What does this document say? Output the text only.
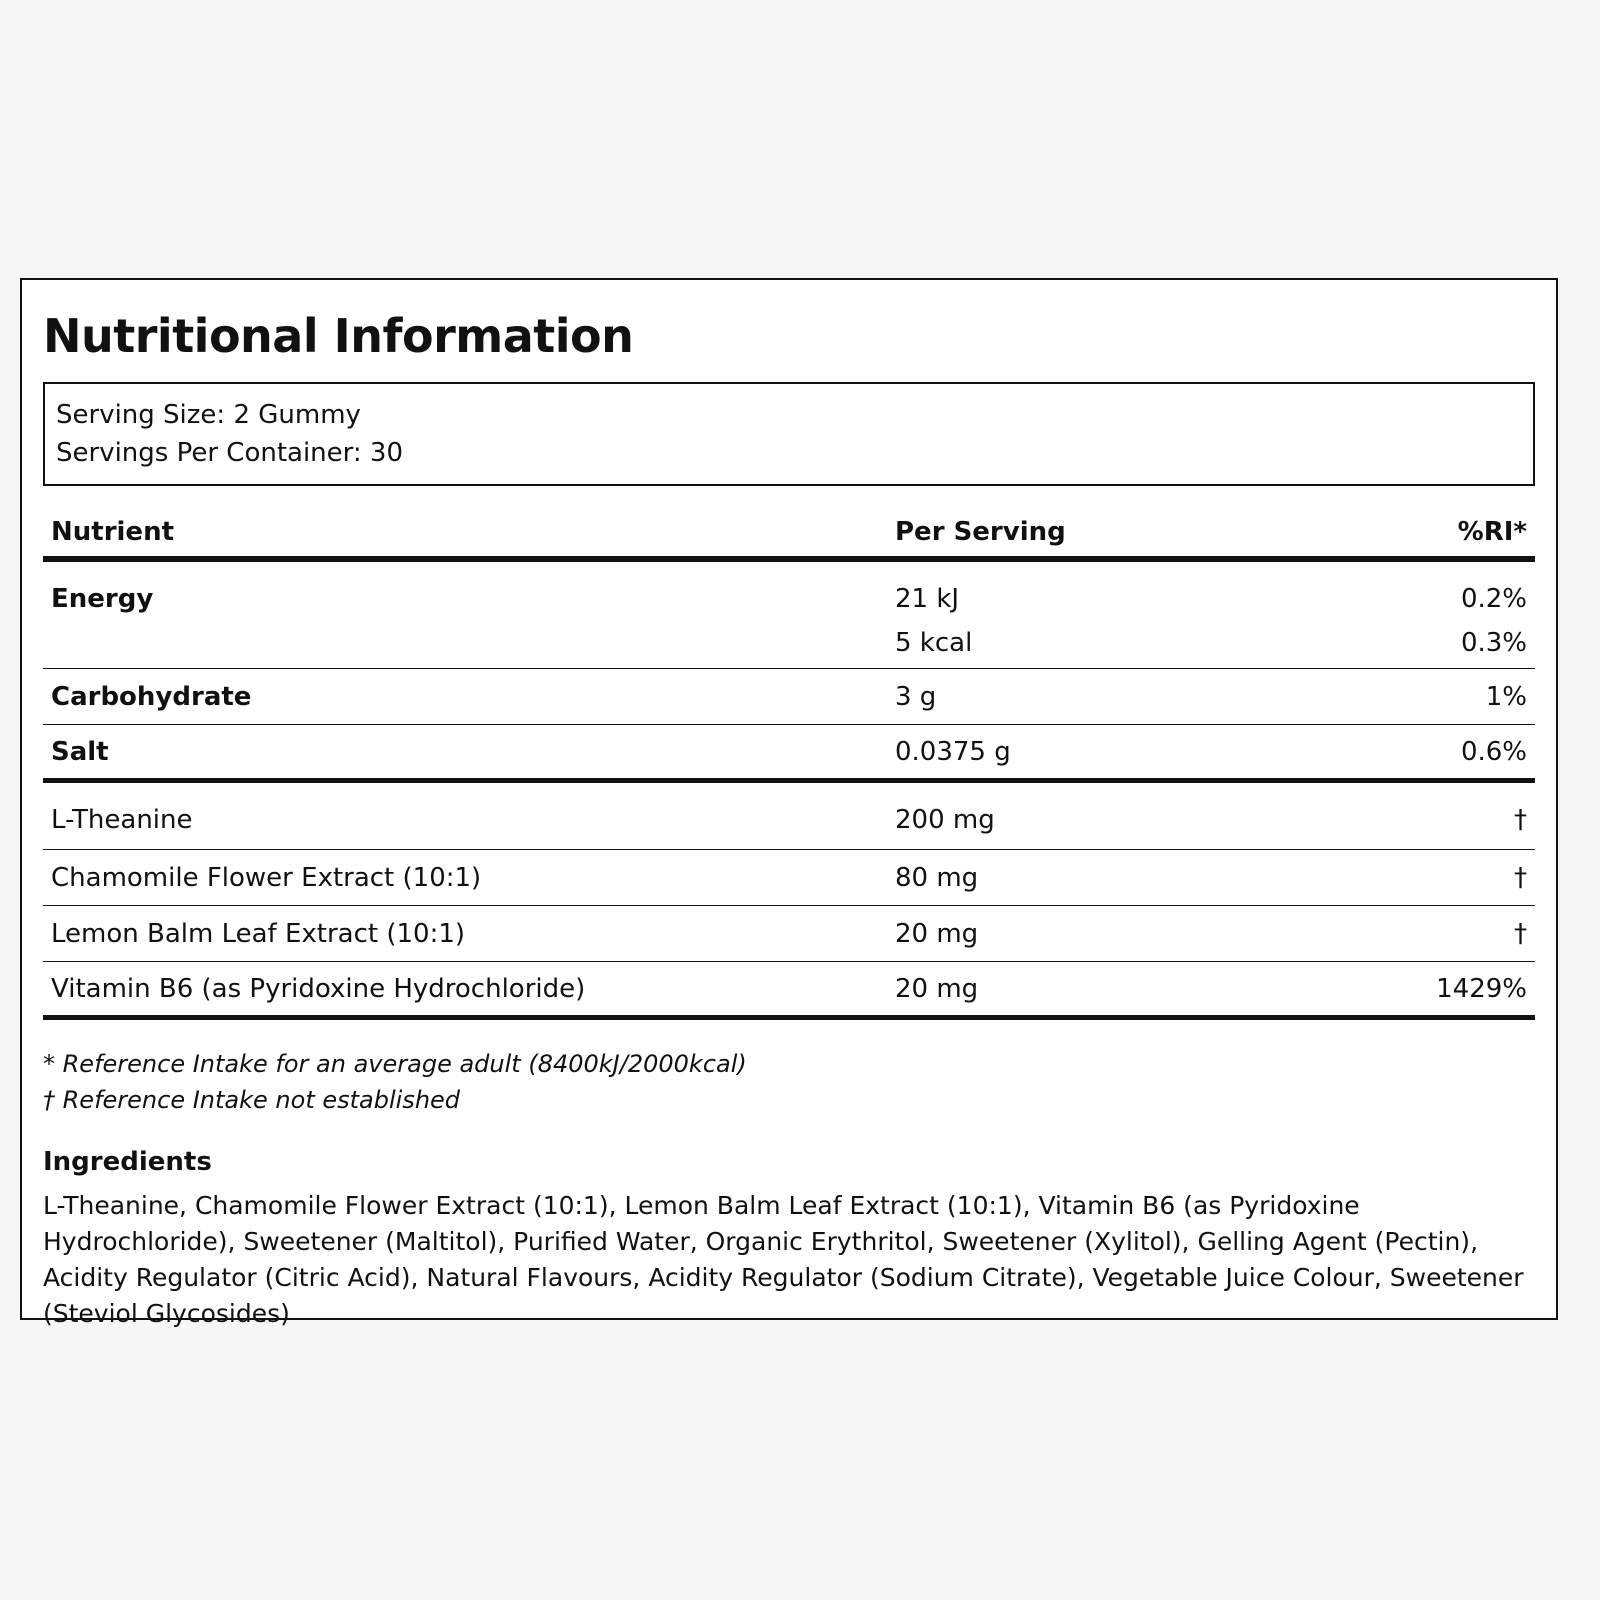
Nutritional Information
Serving Size: 2 Gummy
Servings Per Container: 30
Nutrient	Per Serving	%RI*
Energy	21 kJ	0.2%
	5 kcal	0.3%
Carbohydrate	3 g	1%
Salt	0.0375 g	0.6%
L-Theanine	200 mg	†
Chamomile Flower Extract (10:1)	80 mg	†
Lemon Balm Leaf Extract (10:1)	20 mg	†
Vitamin B6 (as Pyridoxine Hydrochloride)	20 mg	1429%
* Reference Intake for an average adult (8400kJ/2000kcal)
† Reference Intake not established
Ingredients
L-Theanine, Chamomile Flower Extract (10:1), Lemon Balm Leaf Extract (10:1), Vitamin B6 (as Pyridoxine Hydrochloride), Sweetener (Maltitol), Purified Water, Organic Erythritol, Sweetener (Xylitol), Gelling Agent (Pectin), Acidity Regulator (Citric Acid), Natural Flavours, Acidity Regulator (Sodium Citrate), Vegetable Juice Colour, Sweetener (Steviol Glycosides)
